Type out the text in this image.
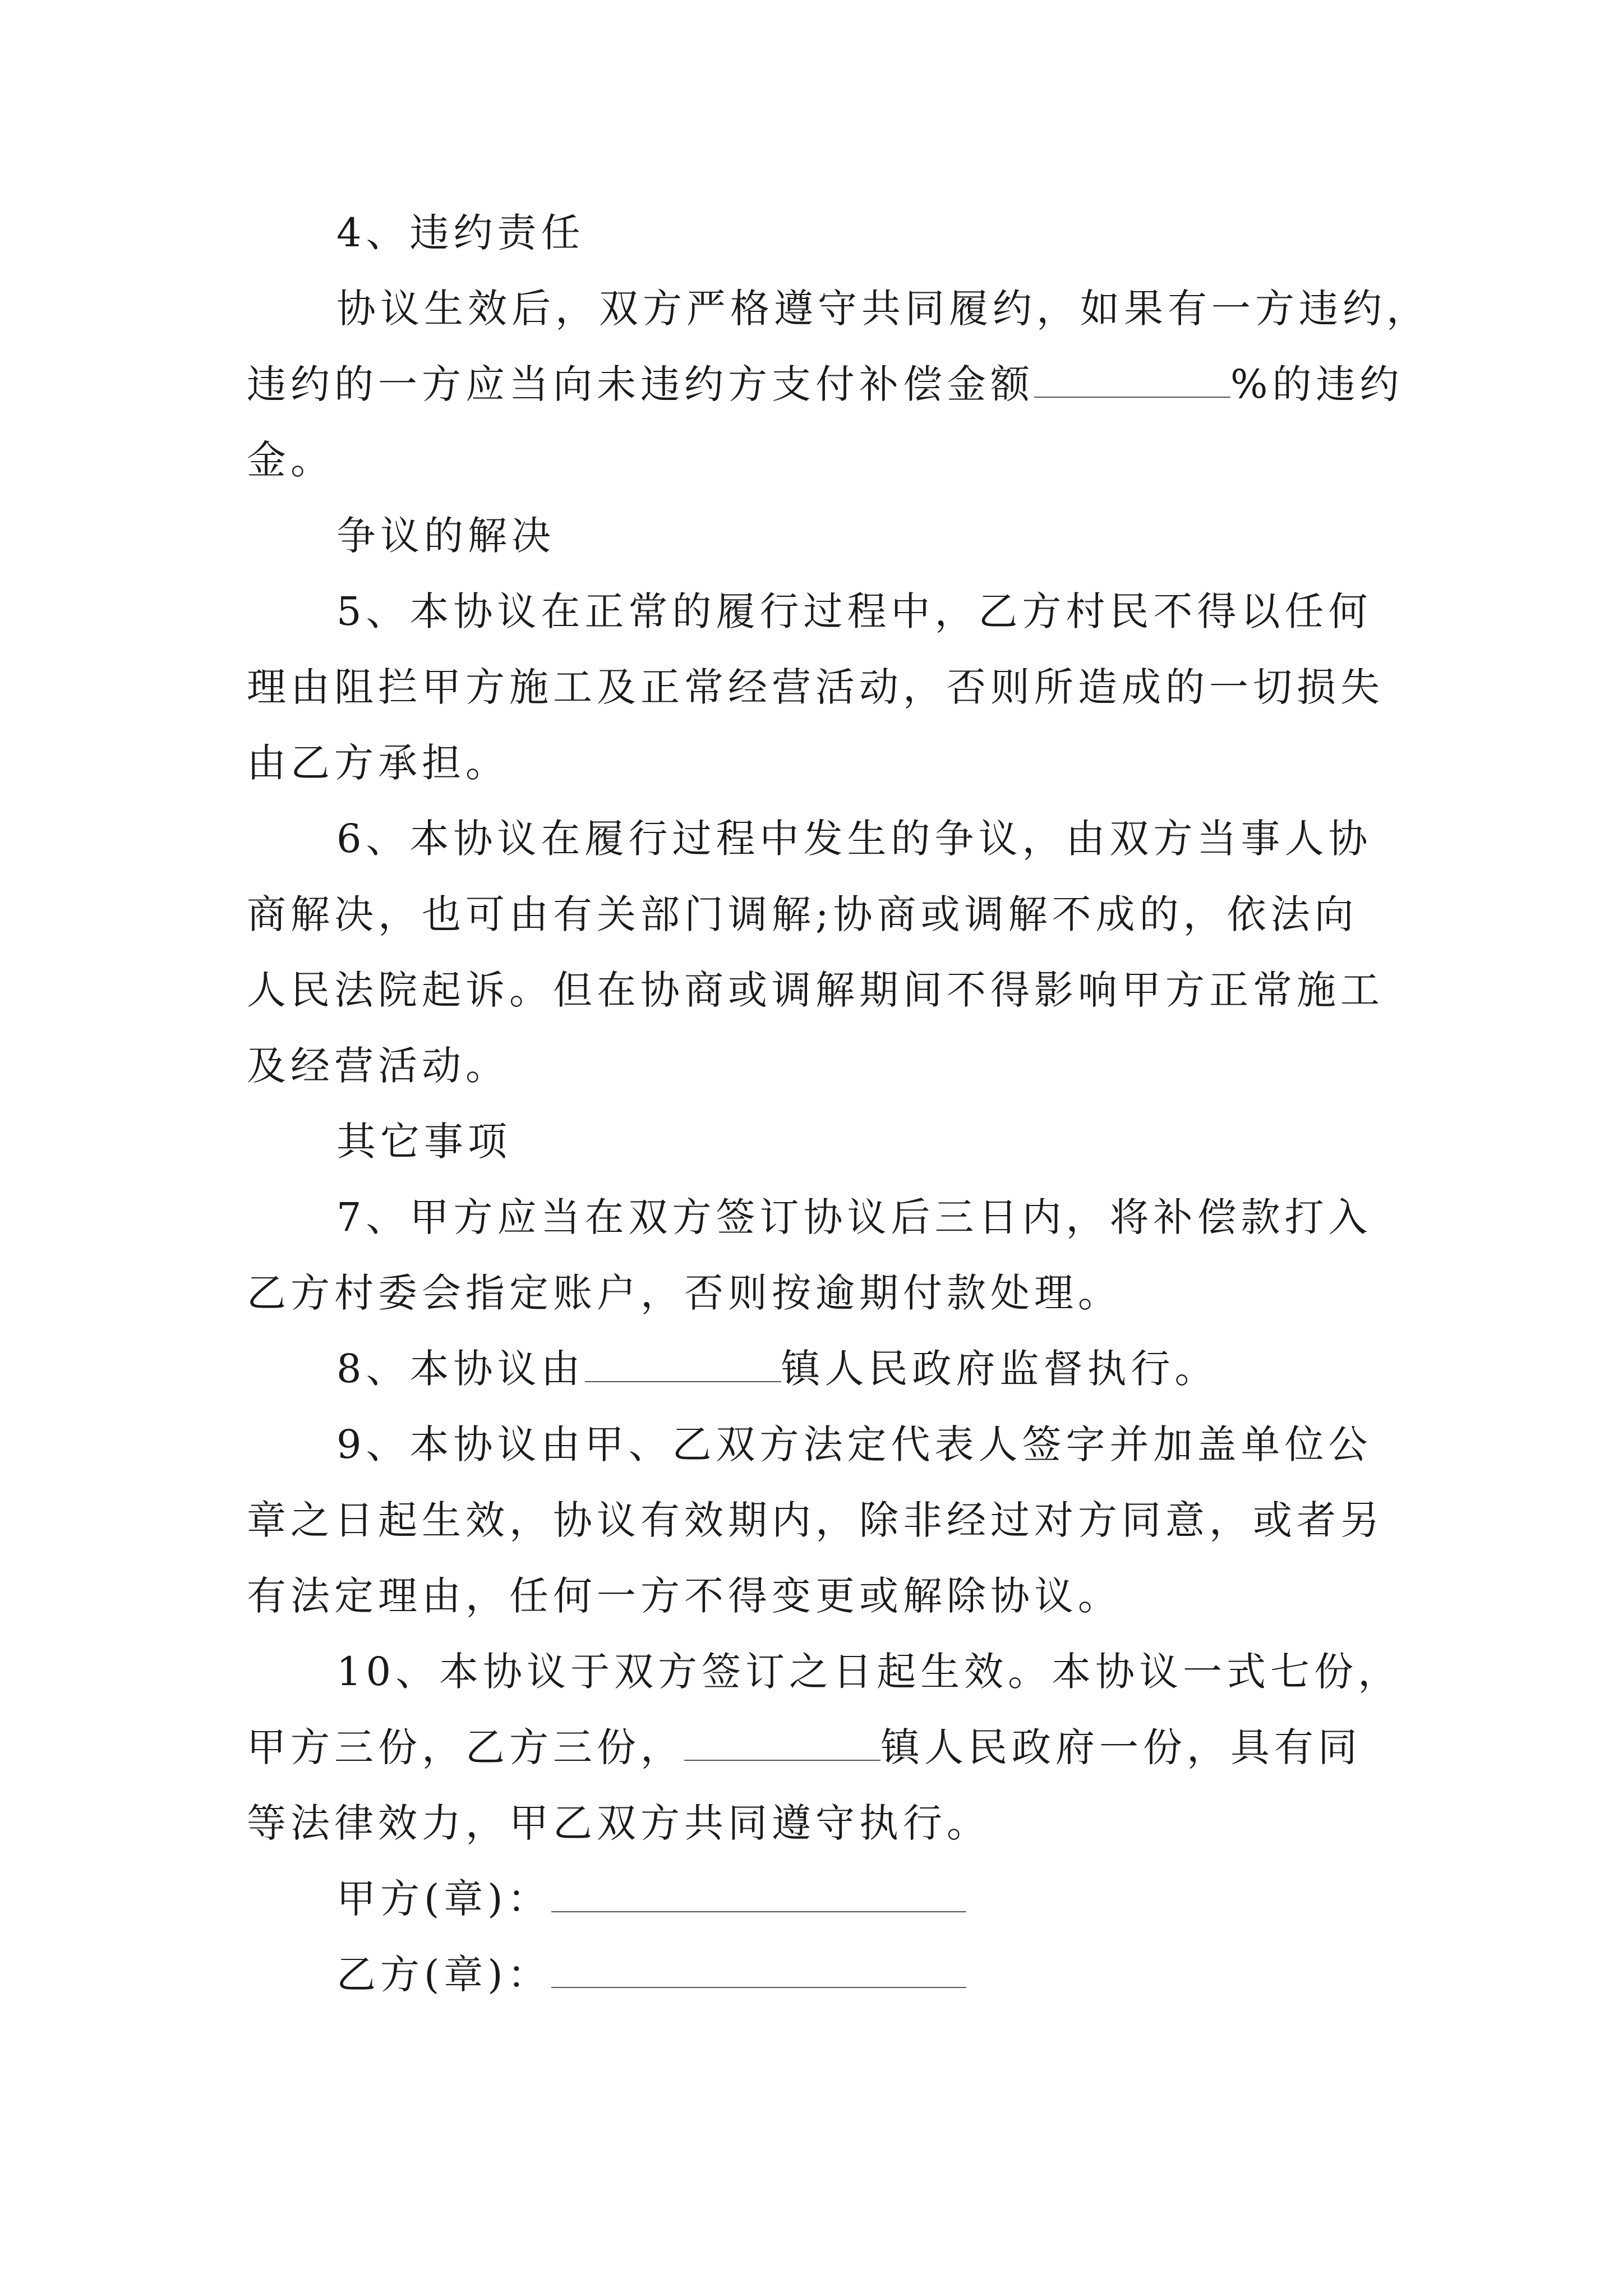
4、违约责任
协议生效后，双方严格遵守共同履约，如果有一方违约，
违约的一方应当向未违约方支付补偿金额	%的违约
金。
争议的解决
5、本协议在正常的履行过程中，乙方村民不得以任何
理由阻拦甲方施工及正常经营活动，否则所造成的一切损失
由乙方承担。
6、本协议在履行过程中发生的争议，由双方当事人协
商解决，也可由有关部门调解;协商或调解不成的，依法向
人民法院起诉。但在协商或调解期间不得影响甲方正常施工
及经营活动。
其它事项
7、甲方应当在双方签订协议后三日内，将补偿款打入
乙方村委会指定账户，否则按逾期付款处理。
8、本协议由	镇人民政府监督执行。
9、本协议由甲、乙双方法定代表人签字并加盖单位公
章之日起生效，协议有效期内，除非经过对方同意，或者另
有法定理由，任何一方不得变更或解除协议。
10、本协议于双方签订之日起生效。本协议一式七份，
甲方三份，乙方三份，	镇人民政府一份，具有同
等法律效力，甲乙双方共同遵守执行。
甲方(章)：
乙方(章)：
